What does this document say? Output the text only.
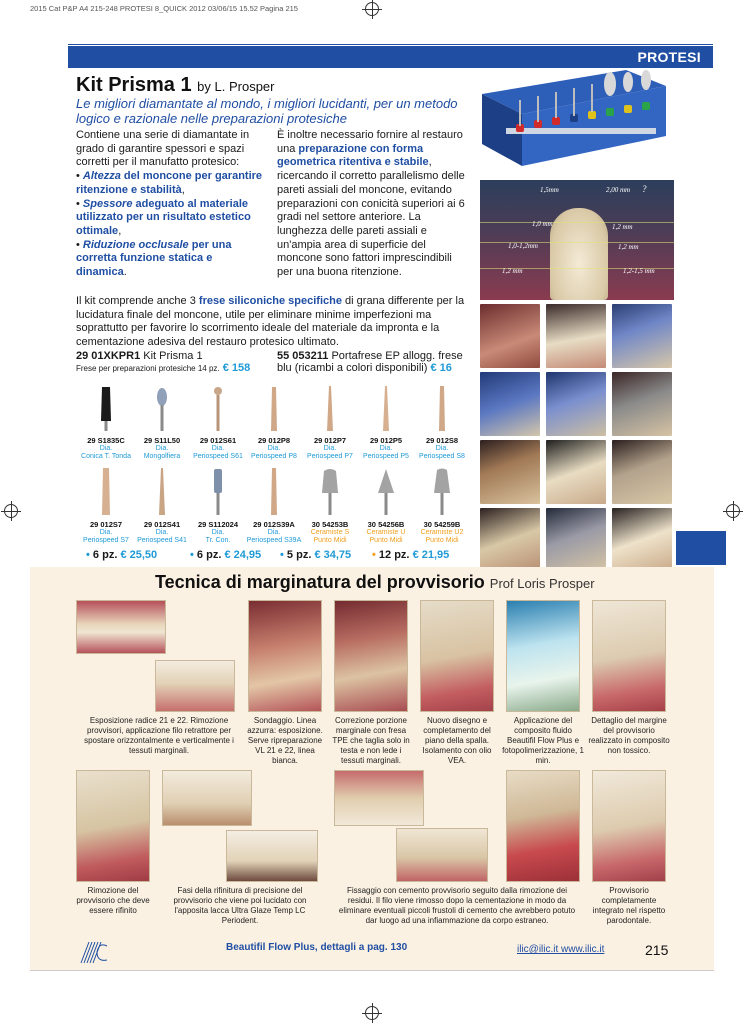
2015 Cat P&P A4 215-248 PROTESI 8_QUICK 2012 03/06/15 15.52 Pagina 215
PROTESI
Kit Prisma 1 by L. Prosper
Le migliori diamantate al mondo, i migliori lucidanti, per un metodo logico e razionale nelle preparazioni protesiche
Contiene una serie di diamantate in grado di garantire spessori e spazi corretti per il manufatto protesico:
• Altezza del moncone per garantire ritenzione e stabilità,
• Spessore adeguato al materiale utilizzato per un risultato estetico ottimale,
• Riduzione occlusale per una corretta funzione statica e dinamica.
È inoltre necessario fornire al restauro una preparazione con forma geometrica ritentiva e stabile, ricercando il corretto parallelismo delle pareti assiali del moncone, evitando preparazioni con conicità superiori ai 6 gradi nel settore anteriore. La lunghezza delle pareti assiali e un'ampia area di superficie del moncone sono fattori imprescindibili per una buona ritenzione.
Il kit comprende anche 3 frese siliconiche specifiche di grana differente per la lucidatura finale del moncone, utile per eliminare minime imperfezioni ma soprattutto per favorire lo scorrimento ideale del materiale da impronta e la cementazione adesiva del restauro protesico ultimato.
29 01XKPR1 Kit Prisma 1
Frese per preparazioni protesiche 14 pz. € 158
55 053211 Portafrese EP allogg. frese
blu (ricambi a colori disponibili) € 16
1,5mm	2,00 mm ?
1,0 mm	1,2 mm
1,0-1,2mm	1,2 mm
1,2 mm	1,2-1,5 mm
29 S1835C
Dia.
Conica T. Tonda
29 S11L50
Dia.
Mongolfiera
29 012S61
Dia.
Periospeed S61
29 012P8
Dia.
Periospeed P8
29 012P7
Dia.
Periospeed P7
29 012P5
Dia.
Periospeed P5
29 012S8
Dia.
Periospeed S8
29 012S7
Dia.
Periospeed S7
29 012S41
Dia.
Periospeed S41
29 S112024
Dia.
Tr. Con.
29 012S39A
Dia.
Periospeed S39A
30 54253B
Ceramiste S
Punto Midi
30 54256B
Ceramiste U
Punto Midi
30 54259B
Ceramiste U2
Punto Midi
• 6 pz. € 25,50	• 6 pz. € 24,95 • 5 pz. € 34,75 • 12 pz. € 21,95
Tecnica di marginatura del provvisorio Prof Loris Prosper
Esposizione radice 21 e 22. Rimozione provvisori, applicazione filo retrattore per spostare orizzontalmente e verticalmente i tessuti marginali.
Sondaggio. Linea azzurra: esposizione. Serve ripreparazione VL 21 e 22, linea bianca.
Correzione porzione marginale con fresa TPE che taglia solo in testa e non lede i tessuti marginali.
Nuovo disegno e completamento del piano della spalla. Isolamento con olio VEA.
Applicazione del composito fluido Beautifil Flow Plus e fotopolimerizzazione, 1 min.
Dettaglio del margine del provvisorio realizzato in composito non tossico.
Rimozione del provvisorio che deve essere rifinito
Fasi della rifinitura di precisione del provvisorio che viene poi lucidato con l'apposita lacca Ultra Glaze Temp LC Periodent.
Fissaggio con cemento provvisorio seguito dalla rimozione dei residui. Il filo viene rimosso dopo la cementazione in modo da eliminare eventuali piccoli frustoli di cemento che avrebbero potuto dar luogo ad una infiammazione da corpo estraneo.
Provvisorio completamente integrato nel rispetto parodontale.
Beautifil Flow Plus, dettagli a pag. 130	ilic@ilic.it www.ilic.it	215
